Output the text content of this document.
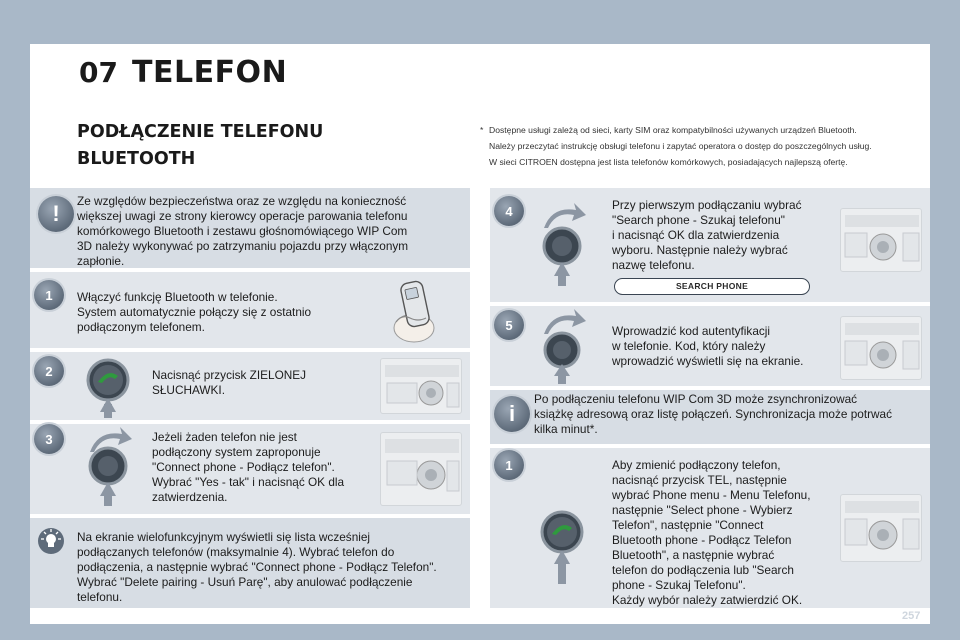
07 TELEFON
PODŁĄCZENIE TELEFONU
BLUETOOTH
* Dostępne usługi zależą od sieci, karty SIM oraz kompatybilności używanych urządzeń Bluetooth.

Należy przeczytać instrukcję obsługi telefonu i zapytać operatora o dostęp do poszczególnych usług.

W sieci CITROEN dostępna jest lista telefonów komórkowych, posiadających najlepszą ofertę.

!	Ze względów bezpieczeństwa oraz ze względu na konieczność
większej uwagi ze strony kierowcy operacje parowania telefonu
komórkowego Bluetooth i zestawu głośnomówiącego WIP Com
3D należy wykonywać po zatrzymaniu pojazdu przy włączonym
zapłonie.
1	Włączyć funkcję Bluetooth w telefonie.
System automatycznie połączy się z ostatnio
podłączonym telefonem.
2	Nacisnąć przycisk ZIELONEJ
SŁUCHAWKI.
3	Jeżeli żaden telefon nie jest
podłączony system zaproponuje
"Connect phone - Podłącz telefon".
Wybrać "Yes - tak" i nacisnąć OK dla
zatwierdzenia.
Na ekranie wielofunkcyjnym wyświetli się lista wcześniej
podłączanych telefonów (maksymalnie 4). Wybrać telefon do
podłączenia, a następnie wybrać "Connect phone - Podłącz Telefon".
Wybrać "Delete pairing - Usuń Parę", aby anulować podłączenie
telefonu.
4	Przy pierwszym podłączaniu wybrać
"Search phone - Szukaj telefonu"
i nacisnąć OK dla zatwierdzenia
wyboru. Następnie należy wybrać
nazwę telefonu.
SEARCH PHONE
5	Wprowadzić kod autentyfikacji
w telefonie. Kod, który należy
wprowadzić wyświetli się na ekranie.
i
Po podłączeniu telefonu WIP Com 3D może zsynchronizować
książkę adresową oraz listę połączeń. Synchronizacja może potrwać
kilka minut*.
1	Aby zmienić podłączony telefon,
nacisnąć przycisk TEL, następnie
wybrać Phone menu - Menu Telefonu,
następnie "Select phone - Wybierz
Telefon", następnie "Connect
Bluetooth phone - Podłącz Telefon
Bluetooth", a następnie wybrać
telefon do podłączenia lub "Search
phone - Szukaj Telefonu".
Każdy wybór należy zatwierdzić OK.
257
